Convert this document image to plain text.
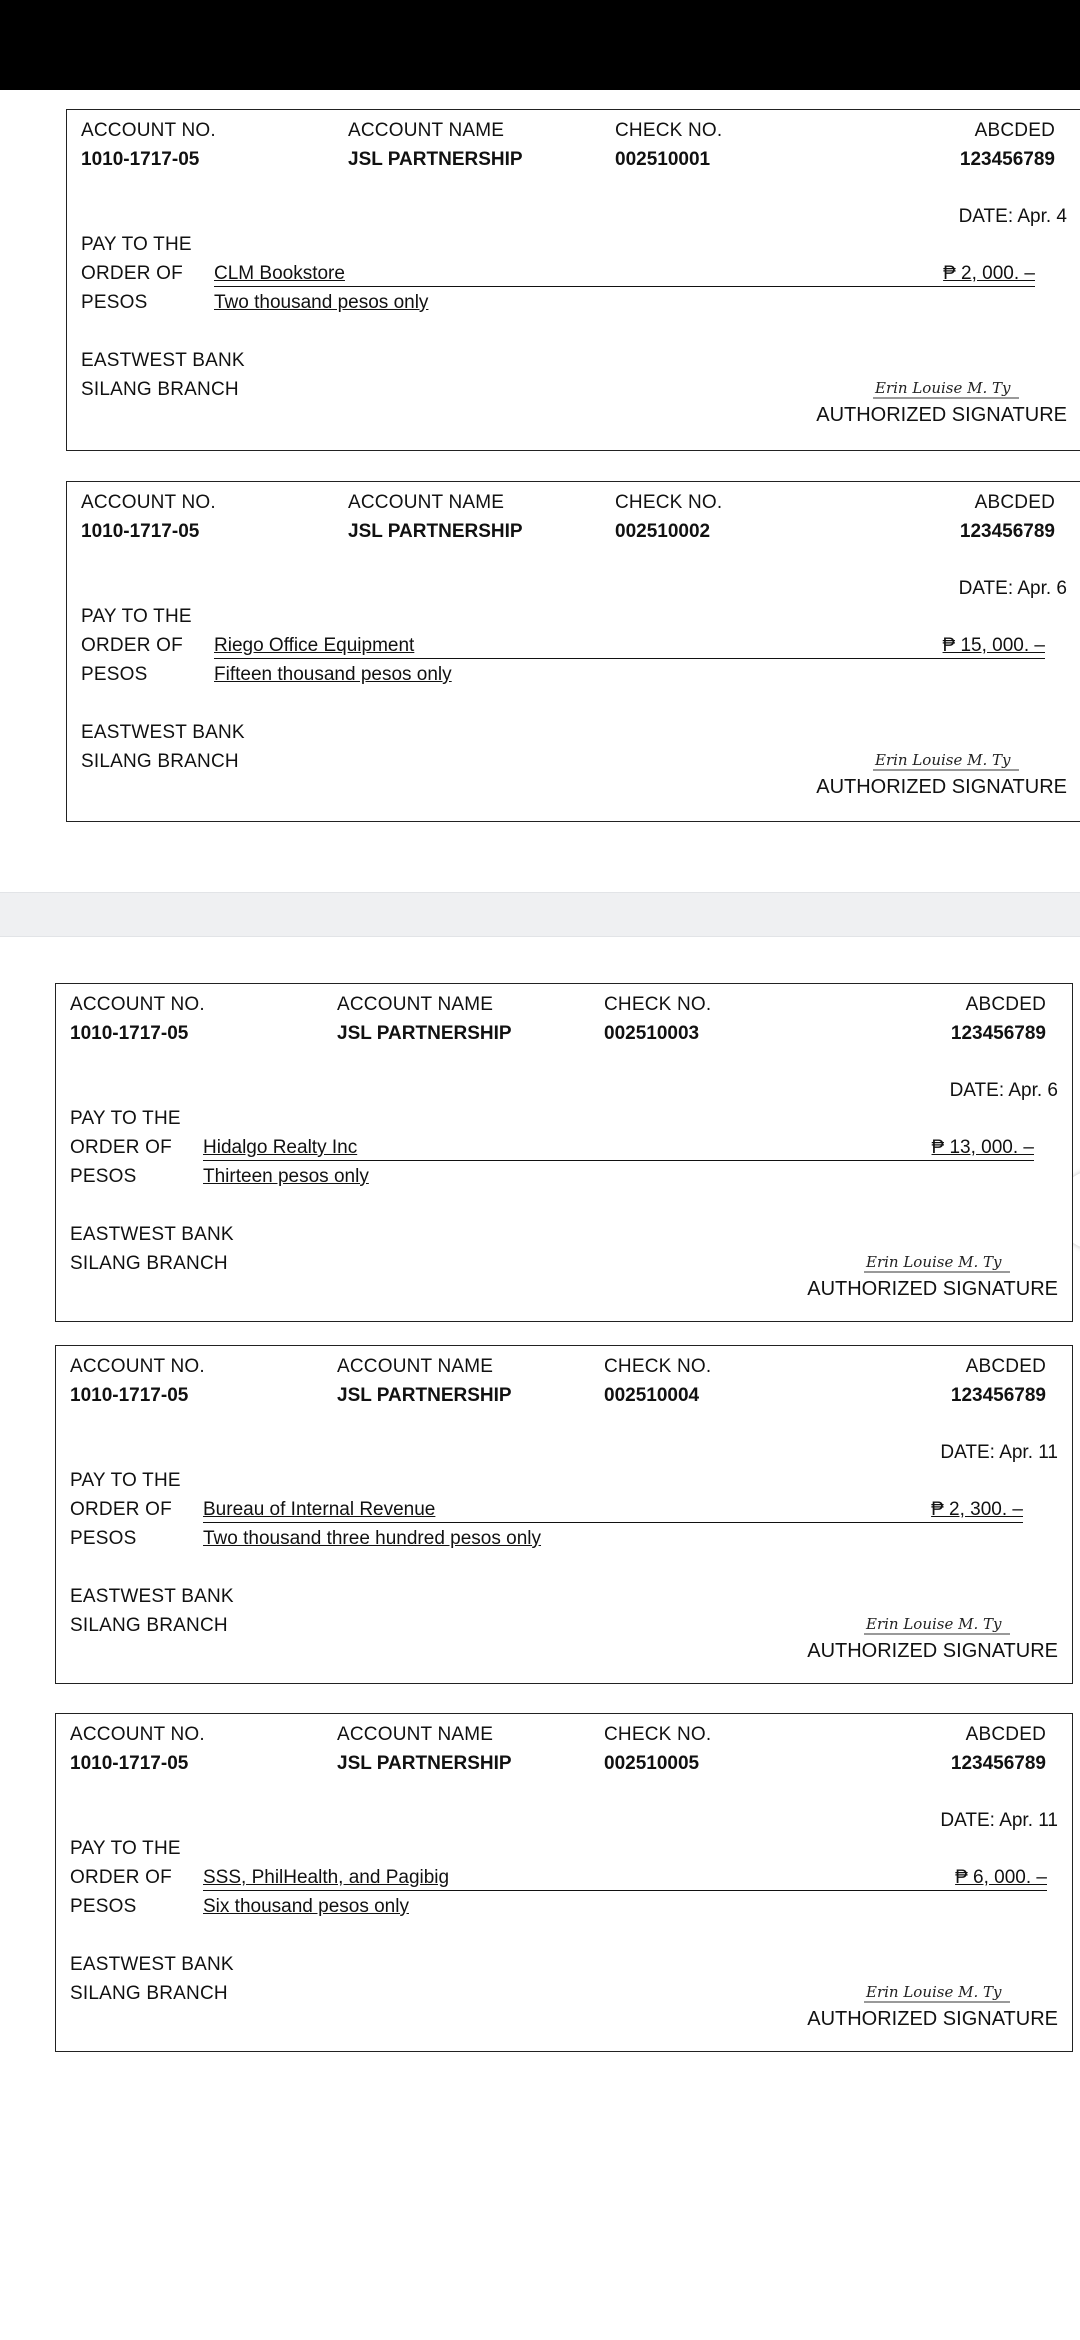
ACCOUNT NO.	ACCOUNT NAME	CHECK NO.	ABCDED
1010-1717-05	JSL PARTNERSHIP	002510001	123456789
DATE: Apr. 4
PAY TO THE
ORDER OF
PESOS
CLM Bookstore	₱ 2, 000. –
Two thousand pesos only
EASTWEST BANK
SILANG BRANCH	Erin Louise M. Ty
AUTHORIZED SIGNATURE
ACCOUNT NO.	ACCOUNT NAME	CHECK NO.	ABCDED
1010-1717-05	JSL PARTNERSHIP	002510002	123456789
DATE: Apr. 6
PAY TO THE
ORDER OF
PESOS
Riego Office Equipment	₱ 15, 000. –
Fifteen thousand pesos only
EASTWEST BANK
SILANG BRANCH	Erin Louise M. Ty
AUTHORIZED SIGNATURE
ACCOUNT NO.	ACCOUNT NAME	CHECK NO.	ABCDED
1010-1717-05	JSL PARTNERSHIP	002510003	123456789
DATE: Apr. 6
PAY TO THE
ORDER OF
PESOS
Hidalgo Realty Inc	₱ 13, 000. –
Thirteen pesos only
EASTWEST BANK
SILANG BRANCH	Erin Louise M. Ty
AUTHORIZED SIGNATURE
ACCOUNT NO.	ACCOUNT NAME	CHECK NO.	ABCDED
1010-1717-05	JSL PARTNERSHIP	002510004	123456789
DATE: Apr. 11
PAY TO THE
ORDER OF
PESOS
Bureau of Internal Revenue	₱ 2, 300. –
Two thousand three hundred pesos only
EASTWEST BANK
SILANG BRANCH	Erin Louise M. Ty
AUTHORIZED SIGNATURE
ACCOUNT NO.	ACCOUNT NAME	CHECK NO.	ABCDED
1010-1717-05	JSL PARTNERSHIP	002510005	123456789
DATE: Apr. 11
PAY TO THE
ORDER OF
PESOS
SSS, PhilHealth, and Pagibig	₱ 6, 000. –
Six thousand pesos only
EASTWEST BANK
SILANG BRANCH	Erin Louise M. Ty
AUTHORIZED SIGNATURE
